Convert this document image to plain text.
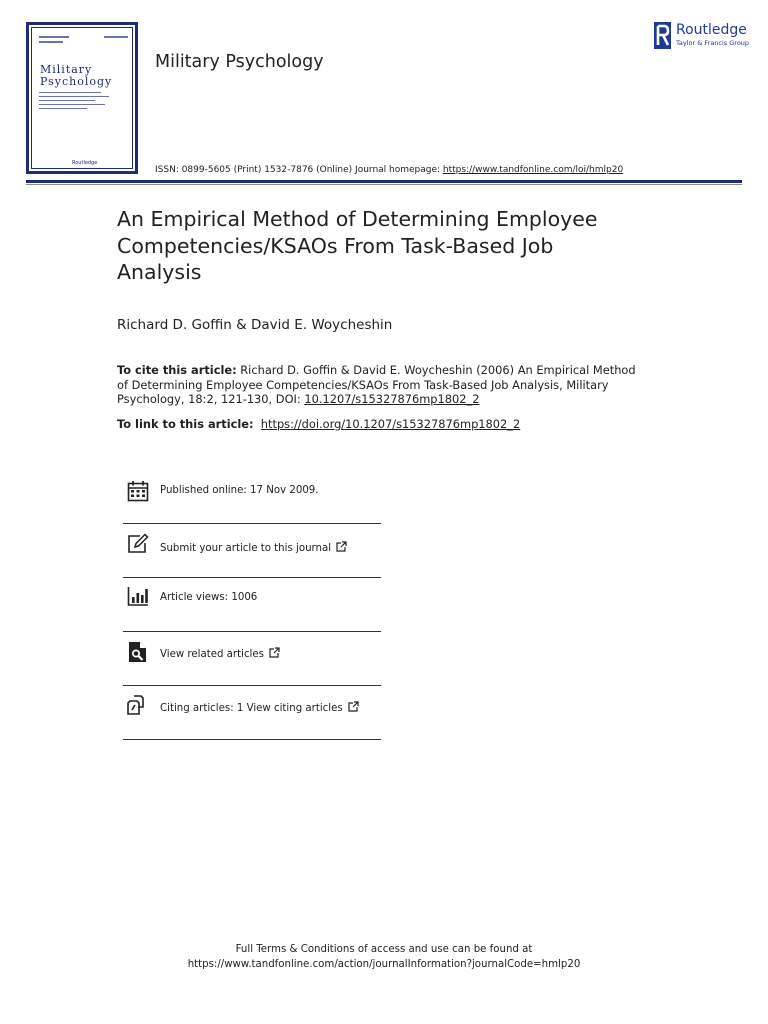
Military
Psychology
Routledge
Military Psychology
Routledge
Taylor & Francis Group
ISSN: 0899-5605 (Print) 1532-7876 (Online) Journal homepage: https://www.tandfonline.com/loi/hmlp20
An Empirical Method of Determining Employee Competencies/KSAOs From Task-Based Job Analysis
Richard D. Goffin & David E. Woycheshin
To cite this article: Richard D. Goffin & David E. Woycheshin (2006) An Empirical Method of Determining Employee Competencies/KSAOs From Task-Based Job Analysis, Military Psychology, 18:2, 121-130, DOI: 10.1207/s15327876mp1802_2
To link to this article: https://doi.org/10.1207/s15327876mp1802_2
Published online: 17 Nov 2009.
Submit your article to this journal
Article views: 1006
View related articles
Citing articles: 1 View citing articles
Full Terms & Conditions of access and use can be found at
https://www.tandfonline.com/action/journalInformation?journalCode=hmlp20
